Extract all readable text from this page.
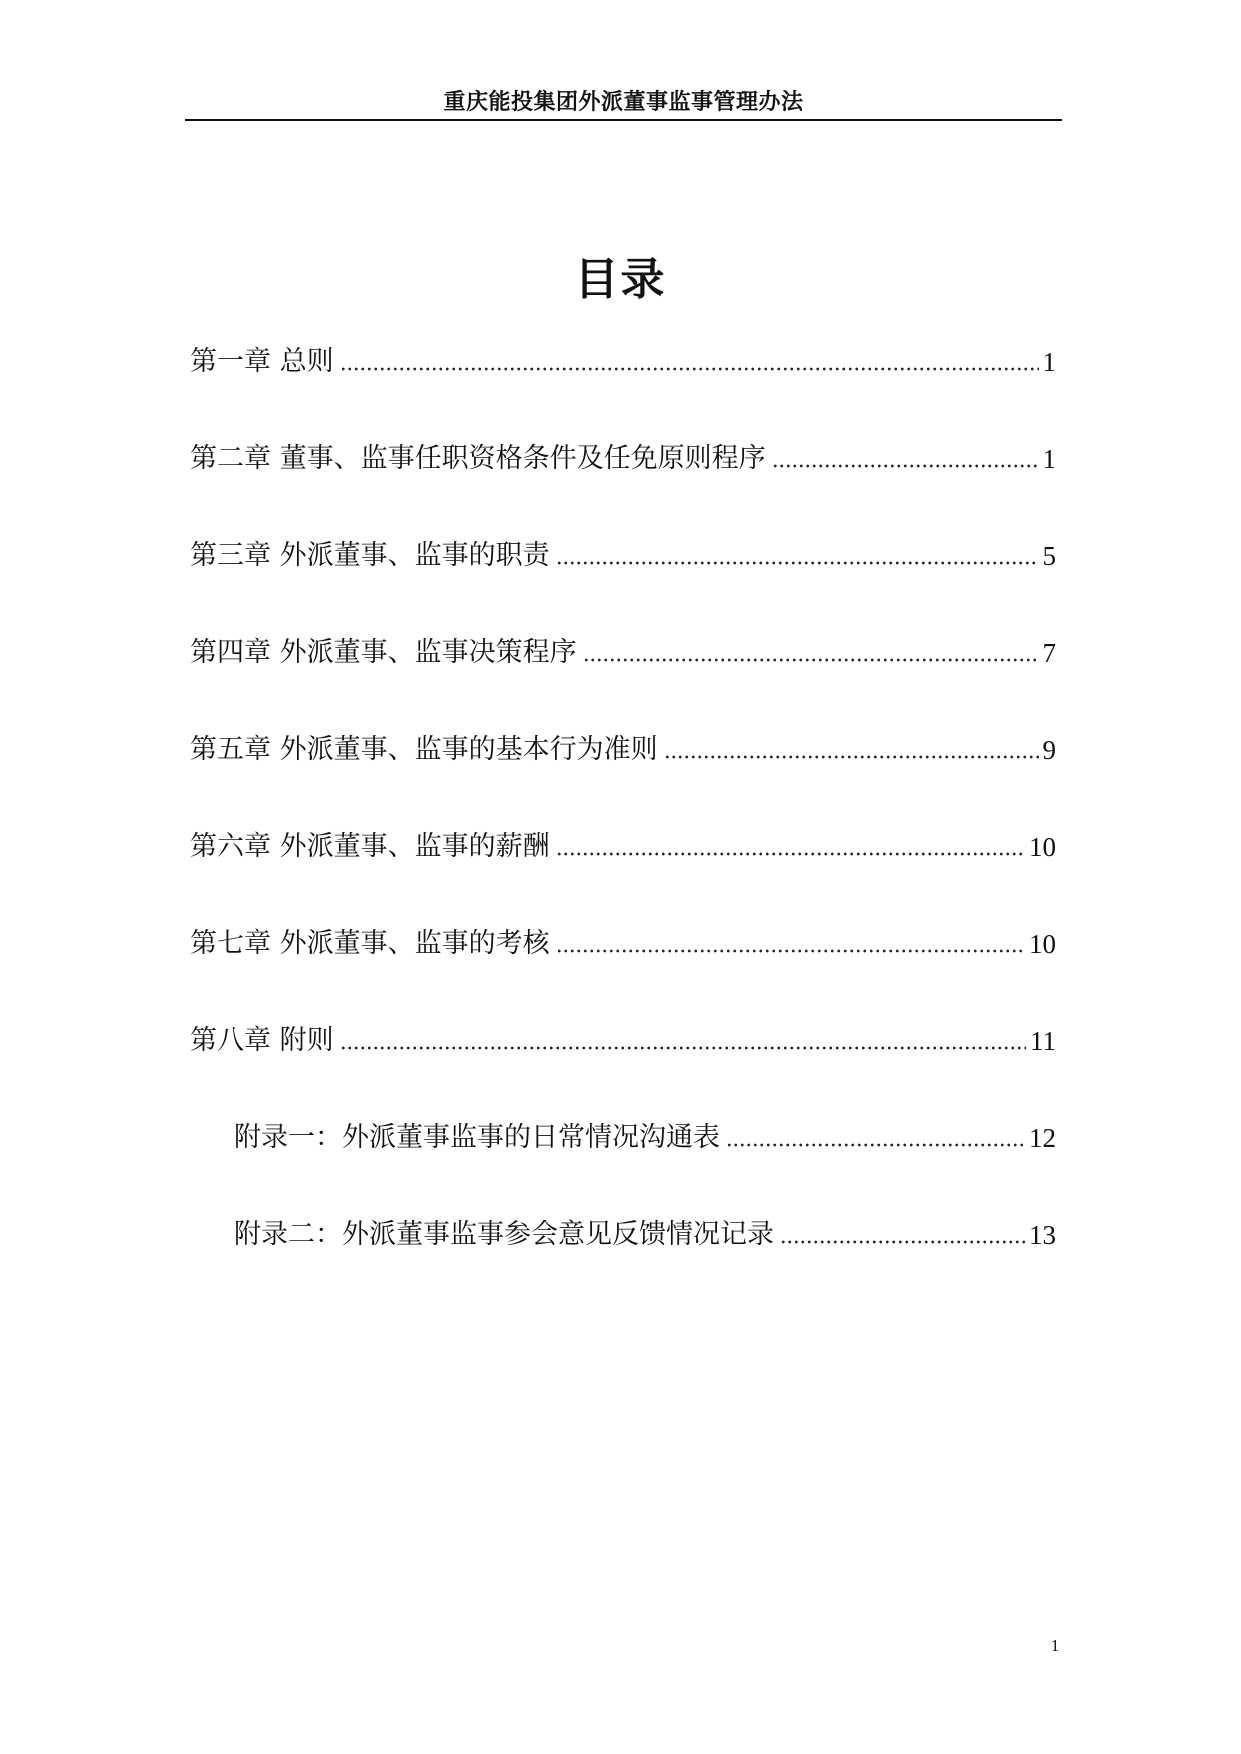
重庆能投集团外派董事监事管理办法
目录
第一章 总则	1
第二章 董事、监事任职资格条件及任免原则程序	1
第三章 外派董事、监事的职责	5
第四章 外派董事、监事决策程序	7
第五章 外派董事、监事的基本行为准则	9
第六章 外派董事、监事的薪酬	10
第七章 外派董事、监事的考核	10
第八章 附则	11
附录一：外派董事监事的日常情况沟通表	12
附录二：外派董事监事参会意见反馈情况记录	13
1
